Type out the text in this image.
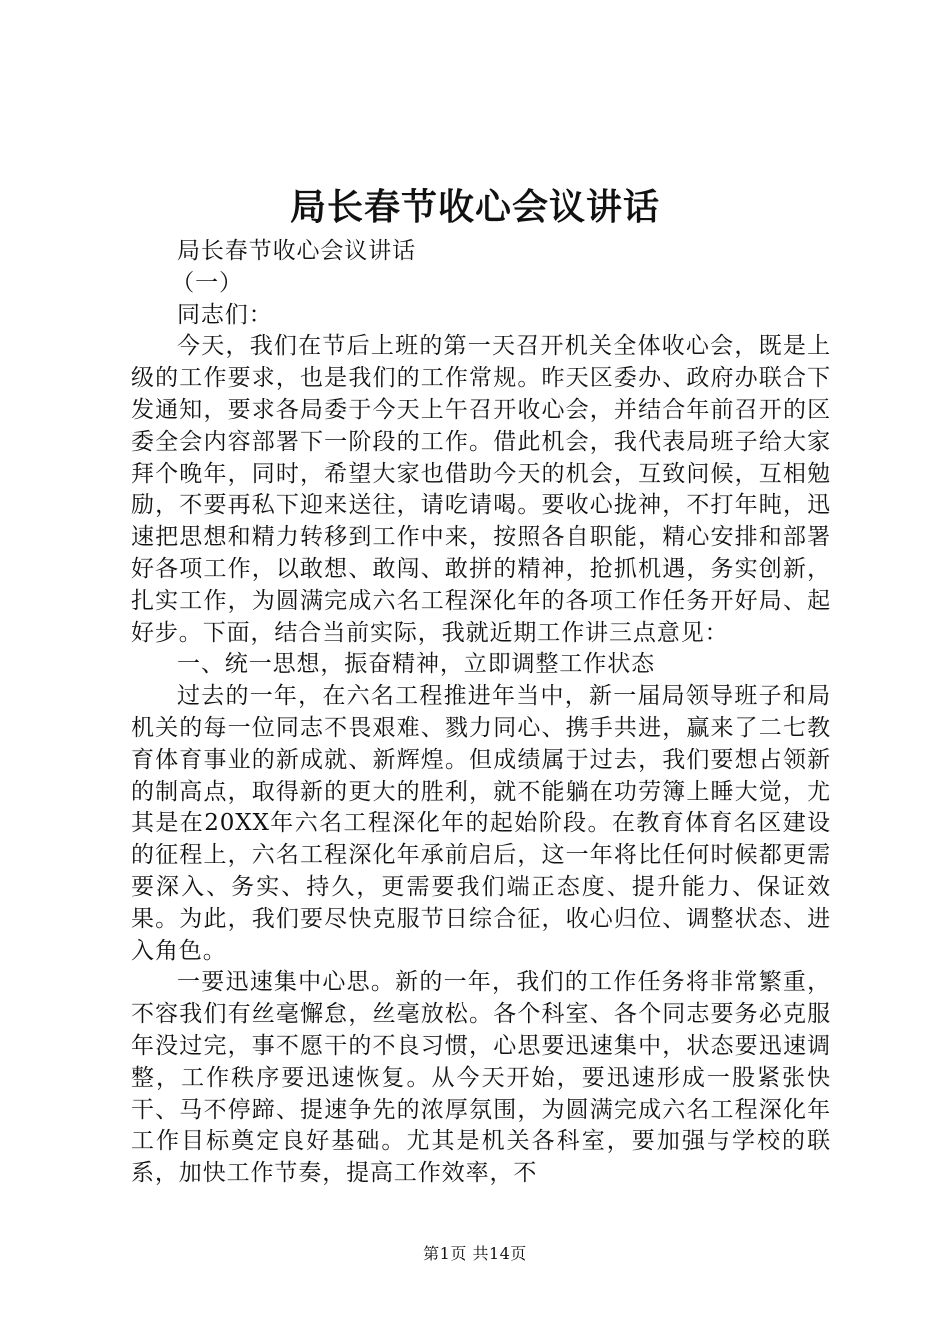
局长春节收心会议讲话

局长春节收心会议讲话

（一）

同志们：

今天，我们在节后上班的第一天召开机关全体收心会，既是上级的工作要求，也是我们的工作常规。昨天区委办、政府办联合下发通知，要求各局委于今天上午召开收心会，并结合年前召开的区委全会内容部署下一阶段的工作。借此机会，我代表局班子给大家拜个晚年，同时，希望大家也借助今天的机会，互致问候，互相勉励，不要再私下迎来送往，请吃请喝。要收心拢神，不打年盹，迅速把思想和精力转移到工作中来，按照各自职能，精心安排和部署好各项工作，以敢想、敢闯、敢拼的精神，抢抓机遇，务实创新，扎实工作，为圆满完成六名工程深化年的各项工作任务开好局、起好步。下面，结合当前实际，我就近期工作讲三点意见：

一、统一思想，振奋精神，立即调整工作状态

过去的一年，在六名工程推进年当中，新一届局领导班子和局机关的每一位同志不畏艰难、戮力同心、携手共进，赢来了二七教育体育事业的新成就、新辉煌。但成绩属于过去，我们要想占领新的制高点，取得新的更大的胜利，就不能躺在功劳簿上睡大觉，尤其是在20XX年六名工程深化年的起始阶段。在教育体育名区建设的征程上，六名工程深化年承前启后，这一年将比任何时候都更需要深入、务实、持久，更需要我们端正态度、提升能力、保证效果。为此，我们要尽快克服节日综合征，收心归位、调整状态、进入角色。

一要迅速集中心思。新的一年，我们的工作任务将非常繁重，不容我们有丝毫懈怠，丝毫放松。各个科室、各个同志要务必克服年没过完，事不愿干的不良习惯，心思要迅速集中，状态要迅速调整，工作秩序要迅速恢复。从今天开始，要迅速形成一股紧张快干、马不停蹄、提速争先的浓厚氛围，为圆满完成六名工程深化年工作目标奠定良好基础。尤其是机关各科室，要加强与学校的联系，加快工作节奏，提高工作效率，不

第1页 共14页
